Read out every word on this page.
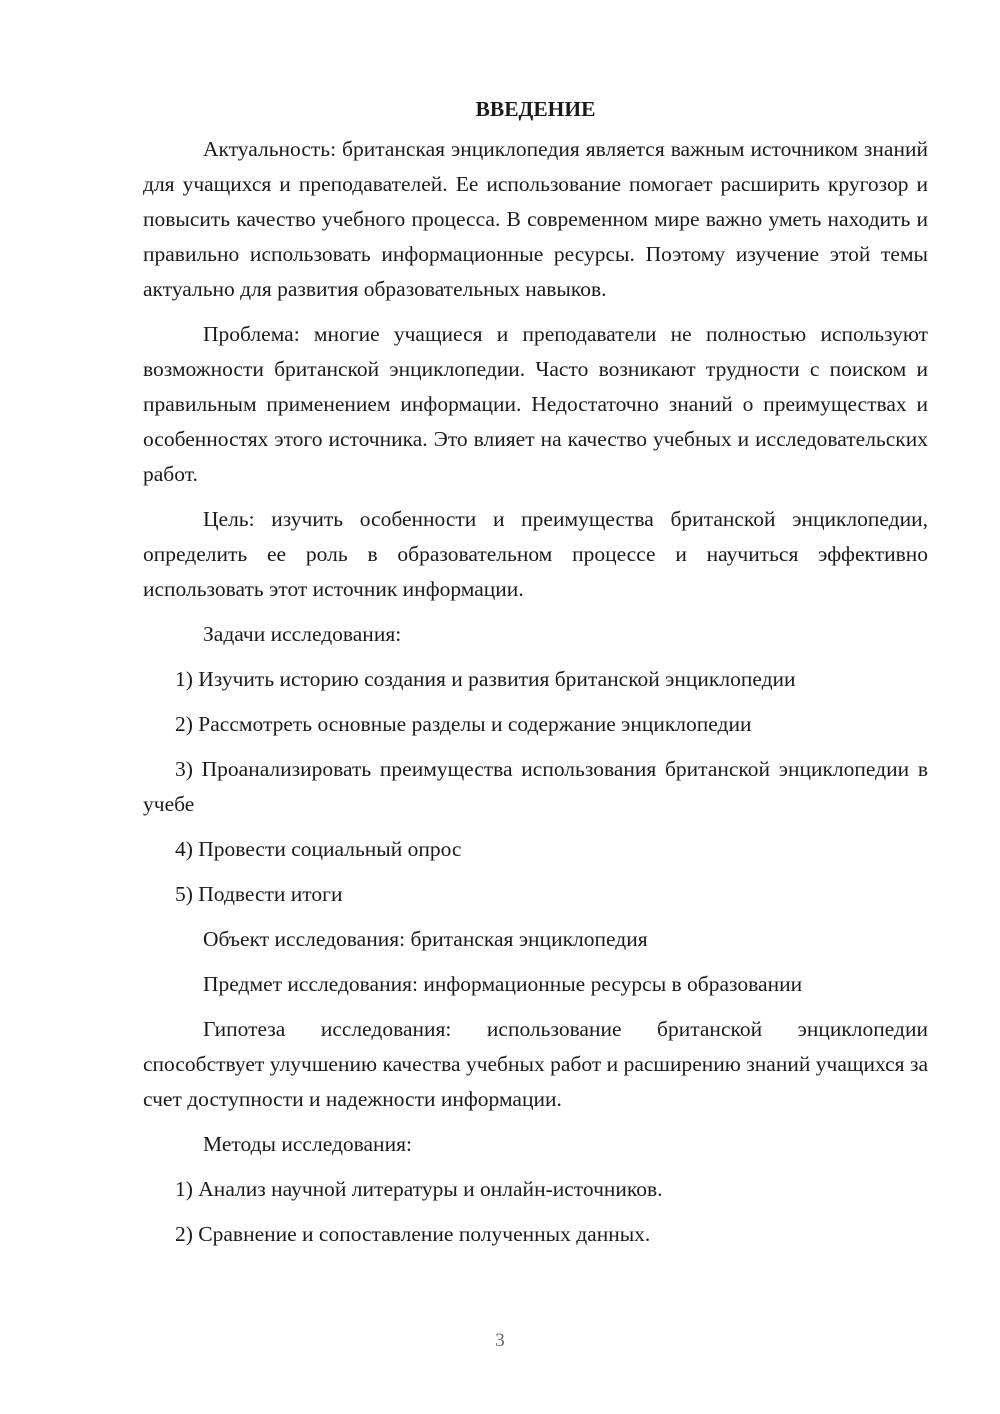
ВВЕДЕНИЕ

Актуальность: британская энциклопедия является важным источником знаний для учащихся и преподавателей. Ее использование помогает расширить кругозор и повысить качество учебного процесса. В современном мире важно уметь находить и правильно использовать информационные ресурсы. Поэтому изучение этой темы актуально для развития образовательных навыков.

Проблема: многие учащиеся и преподаватели не полностью используют возможности британской энциклопедии. Часто возникают трудности с поиском и правильным применением информации. Недостаточно знаний о преимуществах и особенностях этого источника. Это влияет на качество учебных и исследовательских работ.

Цель: изучить особенности и преимущества британской энциклопедии, определить ее роль в образовательном процессе и научиться эффективно использовать этот источник информации.

Задачи исследования:

1) Изучить историю создания и развития британской энциклопедии

2) Рассмотреть основные разделы и содержание энциклопедии

3) Проанализировать преимущества использования британской энциклопедии в учебе

4) Провести социальный опрос

5) Подвести итоги

Объект исследования: британская энциклопедия

Предмет исследования: информационные ресурсы в образовании

Гипотеза исследования: использование британской энциклопедии способствует улучшению качества учебных работ и расширению знаний учащихся за счет доступности и надежности информации.

Методы исследования:

1) Анализ научной литературы и онлайн-источников.

2) Сравнение и сопоставление полученных данных.

3
